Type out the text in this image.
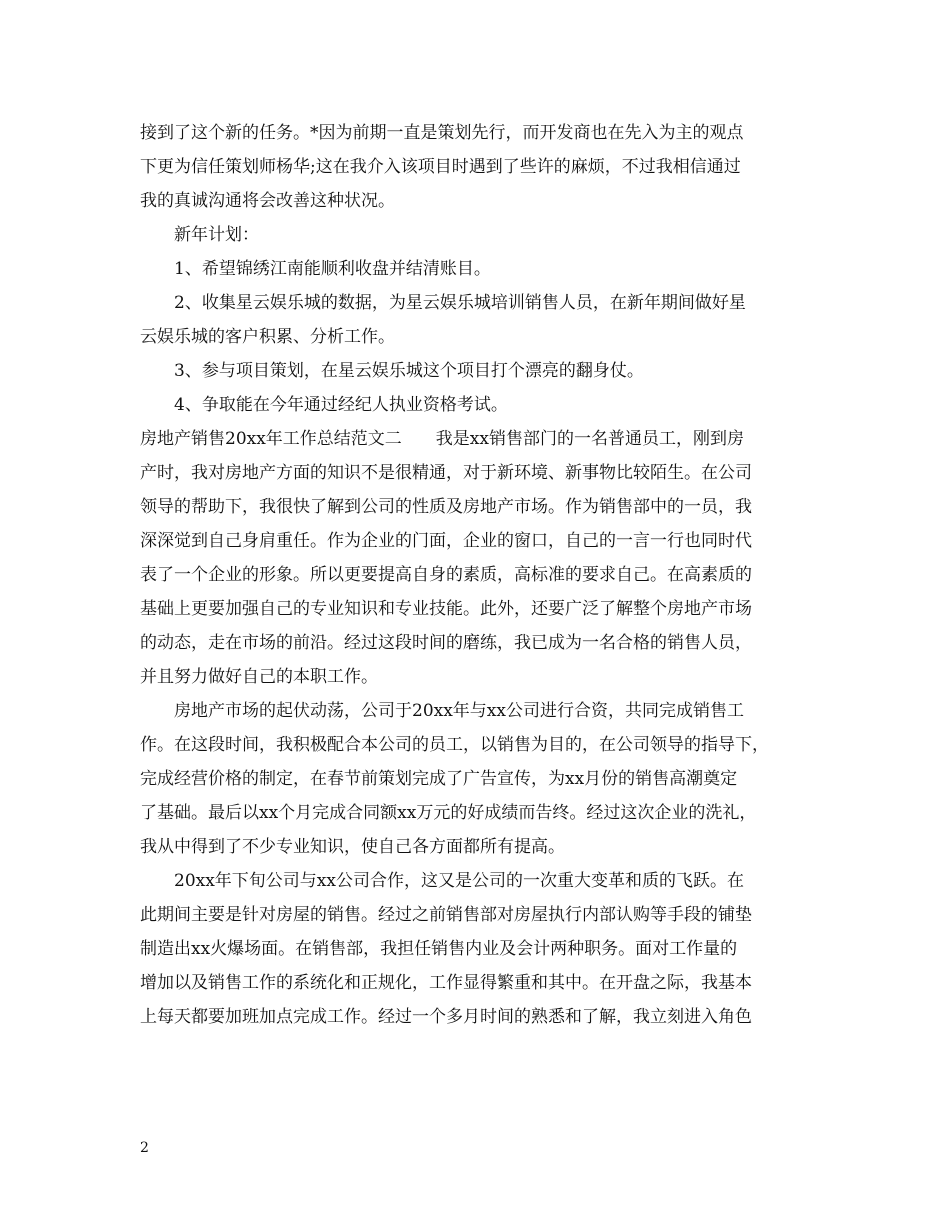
接到了这个新的任务。*因为前期一直是策划先行，而开发商也在先入为主的观点
下更为信任策划师杨华;这在我介入该项目时遇到了些许的麻烦，不过我相信通过
我的真诚沟通将会改善这种状况。
新年计划：
1、希望锦绣江南能顺利收盘并结清账目。
2、收集星云娱乐城的数据，为星云娱乐城培训销售人员，在新年期间做好星
云娱乐城的客户积累、分析工作。
3、参与项目策划，在星云娱乐城这个项目打个漂亮的翻身仗。
4、争取能在今年通过经纪人执业资格考试。
房地产销售20xx年工作总结范文二　　我是xx销售部门的一名普通员工，刚到房
产时，我对房地产方面的知识不是很精通，对于新环境、新事物比较陌生。在公司
领导的帮助下，我很快了解到公司的性质及房地产市场。作为销售部中的一员，我
深深觉到自己身肩重任。作为企业的门面，企业的窗口，自己的一言一行也同时代
表了一个企业的形象。所以更要提高自身的素质，高标准的要求自己。在高素质的
基础上更要加强自己的专业知识和专业技能。此外，还要广泛了解整个房地产市场
的动态，走在市场的前沿。经过这段时间的磨练，我已成为一名合格的销售人员，
并且努力做好自己的本职工作。
房地产市场的起伏动荡，公司于20xx年与xx公司进行合资，共同完成销售工
作。在这段时间，我积极配合本公司的员工，以销售为目的，在公司领导的指导下，
完成经营价格的制定，在春节前策划完成了广告宣传，为xx月份的销售高潮奠定
了基础。最后以xx个月完成合同额xx万元的好成绩而告终。经过这次企业的洗礼，
我从中得到了不少专业知识，使自己各方面都所有提高。
20xx年下旬公司与xx公司合作，这又是公司的一次重大变革和质的飞跃。在
此期间主要是针对房屋的销售。经过之前销售部对房屋执行内部认购等手段的铺垫
制造出xx火爆场面。在销售部，我担任销售内业及会计两种职务。面对工作量的
增加以及销售工作的系统化和正规化，工作显得繁重和其中。在开盘之际，我基本
上每天都要加班加点完成工作。经过一个多月时间的熟悉和了解，我立刻进入角色
2
